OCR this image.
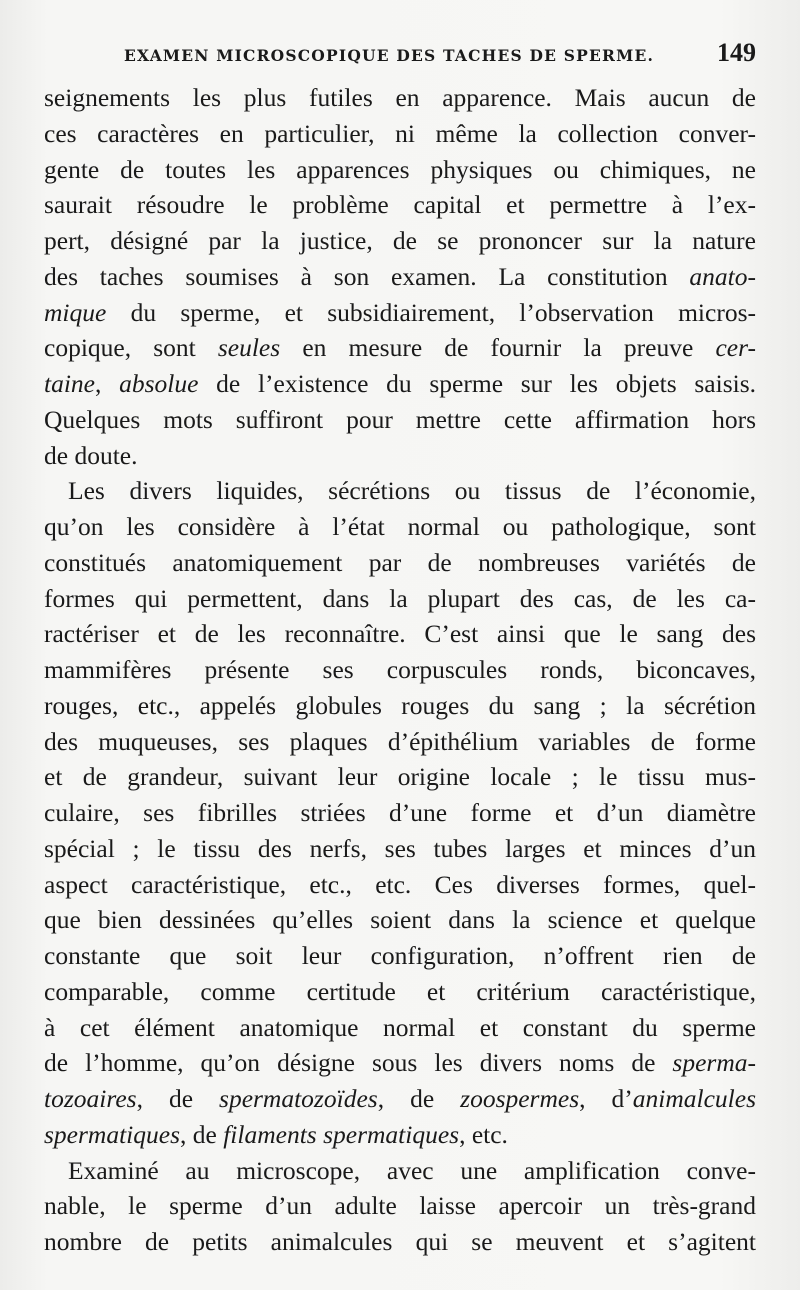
EXAMEN MICROSCOPIQUE DES TACHES DE SPERME. 149
seignements les plus futiles en apparence. Mais aucun de
ces caractères en particulier, ni même la collection conver-
gente de toutes les apparences physiques ou chimiques, ne
saurait résoudre le problème capital et permettre à l’ex-
pert, désigné par la justice, de se prononcer sur la nature
des taches soumises à son examen. La constitution anato-
mique du sperme, et subsidiairement, l’observation micros-
copique, sont seules en mesure de fournir la preuve cer-
taine, absolue de l’existence du sperme sur les objets saisis.
Quelques mots suffiront pour mettre cette affirmation hors
de doute.
Les divers liquides, sécrétions ou tissus de l’économie,
qu’on les considère à l’état normal ou pathologique, sont
constitués anatomiquement par de nombreuses variétés de
formes qui permettent, dans la plupart des cas, de les ca-
ractériser et de les reconnaître. C’est ainsi que le sang des
mammifères présente ses corpuscules ronds, biconcaves,
rouges, etc., appelés globules rouges du sang ; la sécrétion
des muqueuses, ses plaques d’épithélium variables de forme
et de grandeur, suivant leur origine locale ; le tissu mus-
culaire, ses fibrilles striées d’une forme et d’un diamètre
spécial ; le tissu des nerfs, ses tubes larges et minces d’un
aspect caractéristique, etc., etc. Ces diverses formes, quel-
que bien dessinées qu’elles soient dans la science et quelque
constante que soit leur configuration, n’offrent rien de
comparable, comme certitude et critérium caractéristique,
à cet élément anatomique normal et constant du sperme
de l’homme, qu’on désigne sous les divers noms de sperma-
tozoaires, de spermatozoïdes, de zoospermes, d’animalcules
spermatiques, de filaments spermatiques, etc.
Examiné au microscope, avec une amplification conve-
nable, le sperme d’un adulte laisse apercoir un très-grand
nombre de petits animalcules qui se meuvent et s’agitent
